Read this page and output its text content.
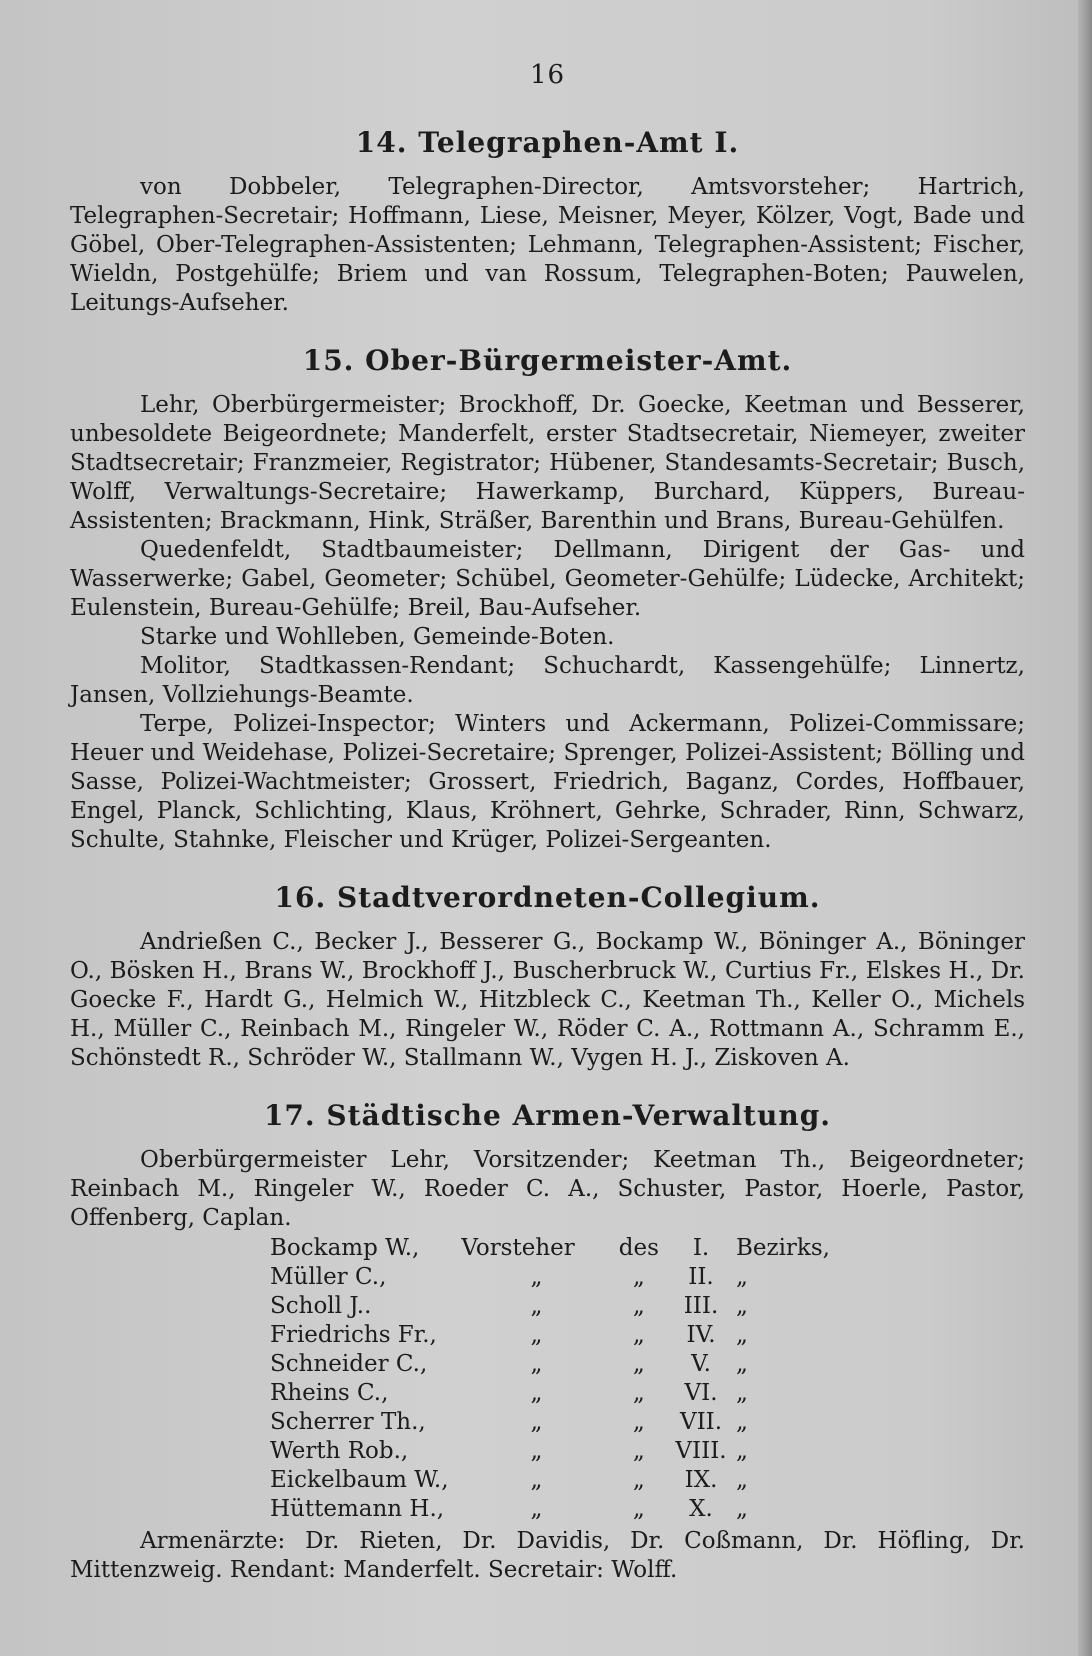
16
14. Telegraphen-Amt I.

von Dobbeler, Telegraphen-Director, Amtsvorsteher; Hartrich, Telegraphen-Secretair; Hoffmann, Liese, Meisner, Meyer, Kölzer, Vogt, Bade und Göbel, Ober-Telegraphen-Assistenten; Lehmann, Telegraphen-Assistent; Fischer, Wieldn, Postgehülfe; Briem und van Rossum, Telegraphen-Boten; Pauwelen, Leitungs-Aufseher.

15. Ober-Bürgermeister-Amt.

Lehr, Oberbürgermeister; Brockhoff, Dr. Goecke, Keetman und Besserer, unbesoldete Beigeordnete; Manderfelt, erster Stadtsecretair, Niemeyer, zweiter Stadtsecretair; Franzmeier, Registrator; Hübener, Standesamts-Secretair; Busch, Wolff, Verwaltungs-Secretaire; Hawerkamp, Burchard, Küppers, Bureau-Assistenten; Brackmann, Hink, Sträßer, Barenthin und Brans, Bureau-Gehülfen.

Quedenfeldt, Stadtbaumeister; Dellmann, Dirigent der Gas- und Wasserwerke; Gabel, Geometer; Schübel, Geometer-Gehülfe; Lüdecke, Architekt; Eulenstein, Bureau-Gehülfe; Breil, Bau-Aufseher.

Starke und Wohlleben, Gemeinde-Boten.

Molitor, Stadtkassen-Rendant; Schuchardt, Kassengehülfe; Linnertz, Jansen, Vollziehungs-Beamte.

Terpe, Polizei-Inspector; Winters und Ackermann, Polizei-Commissare; Heuer und Weidehase, Polizei-Secretaire; Sprenger, Polizei-Assistent; Bölling und Sasse, Polizei-Wachtmeister; Grossert, Friedrich, Baganz, Cordes, Hoffbauer, Engel, Planck, Schlichting, Klaus, Kröhnert, Gehrke, Schrader, Rinn, Schwarz, Schulte, Stahnke, Fleischer und Krüger, Polizei-Sergeanten.

16. Stadtverordneten-Collegium.

Andrießen C., Becker J., Besserer G., Bockamp W., Böninger A., Böninger O., Bösken H., Brans W., Brockhoff J., Buscherbruck W., Curtius Fr., Elskes H., Dr. Goecke F., Hardt G., Helmich W., Hitzbleck C., Keetman Th., Keller O., Michels H., Müller C., Reinbach M., Ringeler W., Röder C. A., Rottmann A., Schramm E., Schönstedt R., Schröder W., Stallmann W., Vygen H. J., Ziskoven A.

17. Städtische Armen-Verwaltung.

Oberbürgermeister Lehr, Vorsitzender; Keetman Th., Beigeordneter; Reinbach M., Ringeler W., Roeder C. A., Schuster, Pastor, Hoerle, Pastor, Offenberg, Caplan.

Bockamp W.,	Vorsteher	des	I.	Bezirks,
Müller C.,	„	„	II.	„
Scholl J..	„	„	III.	„
Friedrichs Fr.,	„	„	IV.	„
Schneider C.,	„	„	V.	„
Rheins C.,	„	„	VI.	„
Scherrer Th.,	„	„	VII.	„
Werth Rob.,	„	„	VIII.	„
Eickelbaum W.,	„	„	IX.	„
Hüttemann H.,	„	„	X.	„

Armenärzte: Dr. Rieten, Dr. Davidis, Dr. Coßmann, Dr. Höfling, Dr. Mittenzweig. Rendant: Manderfelt. Secretair: Wolff.
